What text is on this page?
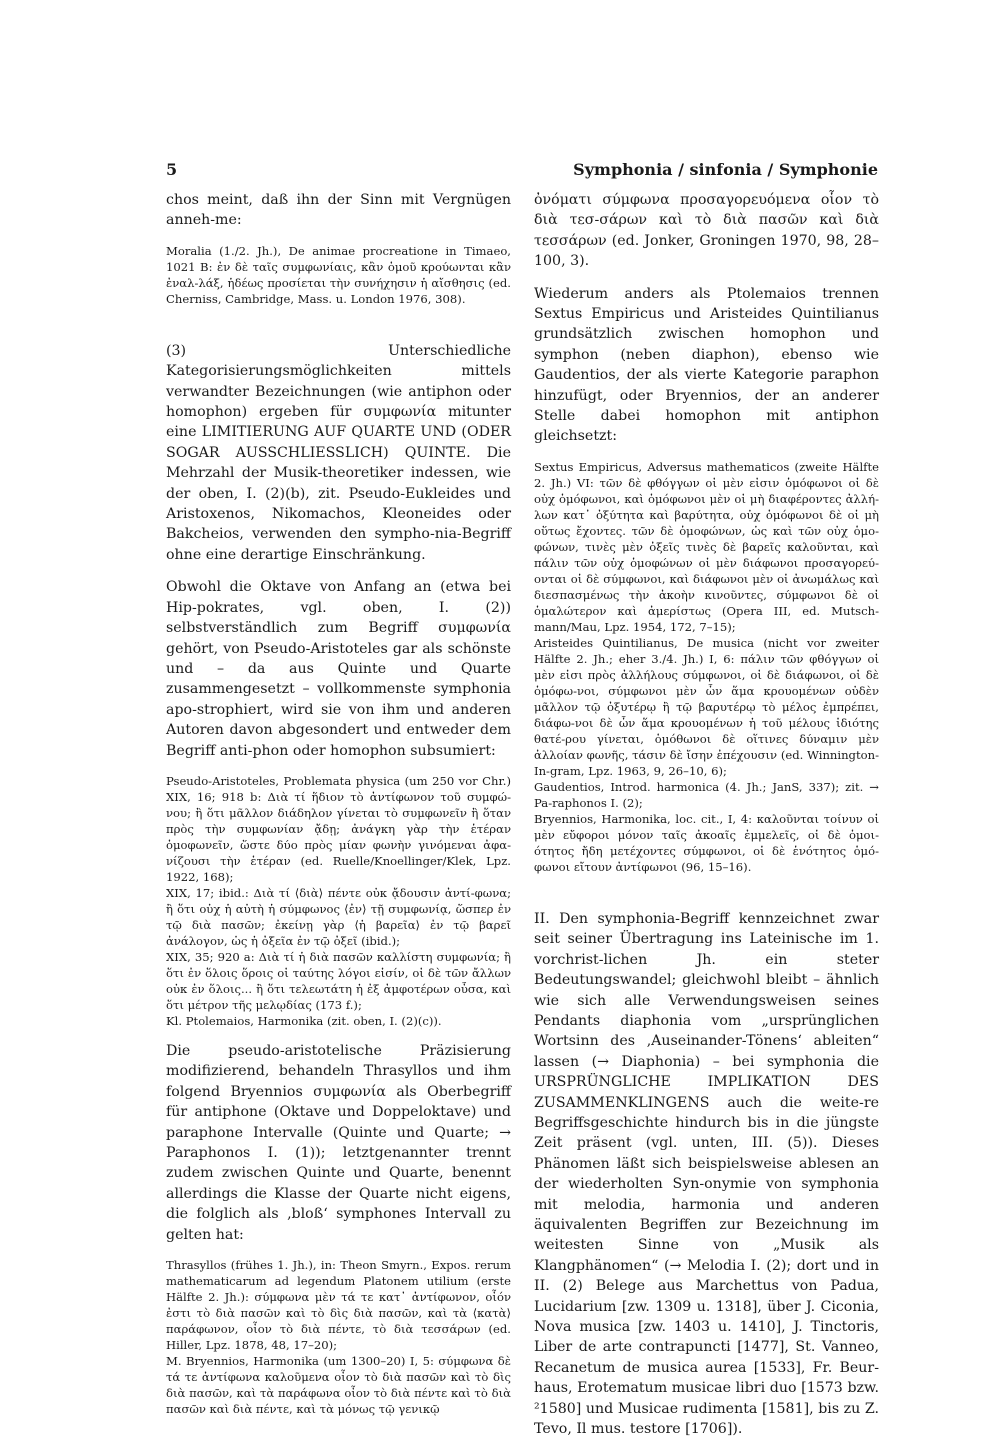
5	Symphonia / sinfonia / Symphonie

chos meint, daß ihn der Sinn mit Vergnügen anneh-me:

Moralia (1./2. Jh.), De animae procreatione in Timaeo, 1021 B: ἐν δὲ ταῖς συμφωνίαις, κἂν ὁμοῦ κρούωνται κἂν ἐναλ-λάξ, ἡδέως προσίεται τὴν συνήχησιν ἡ αἴσθησις (ed. Cherniss, Cambridge, Mass. u. London 1976, 308).

(3) Unterschiedliche Kategorisierungsmöglichkeiten mittels verwandter Bezeichnungen (wie antiphon oder homophon) ergeben für συμφωνία mitunter eine LIMITIERUNG AUF QUARTE UND (ODER SOGAR AUSSCHLIESSLICH) QUINTE. Die Mehrzahl der Musik-theoretiker indessen, wie der oben, I. (2)(b), zit. Pseudo-Eukleides und Aristoxenos, Nikomachos, Kleoneides oder Bakcheios, verwenden den sympho-nia-Begriff ohne eine derartige Einschränkung.

Obwohl die Oktave von Anfang an (etwa bei Hip-pokrates, vgl. oben, I. (2)) selbstverständlich zum Begriff συμφωνία gehört, von Pseudo-Aristoteles gar als schönste und – da aus Quinte und Quarte zusammengesetzt – vollkommenste symphonia apo-strophiert, wird sie von ihm und anderen Autoren davon abgesondert und entweder dem Begriff anti-phon oder homophon subsumiert:

Pseudo-Aristoteles, Problemata physica (um 250 vor Chr.) XIX, 16; 918 b: Διὰ τί ἥδιον τὸ ἀντίφωνον τοῦ συμφώ-νου; ἢ ὅτι μᾶλλον διάδηλον γίνεται τὸ συμφωνεῖν ἢ ὅταν πρὸς τὴν συμφωνίαν ᾄδῃ; ἀνάγκη γὰρ τὴν ἑτέραν ὁμοφωνεῖν, ὥστε δύο πρὸς μίαν φωνὴν γινόμεναι ἀφα-νίζουσι τὴν ἑτέραν (ed. Ruelle/Knoellinger/Klek, Lpz. 1922, 168);

XIX, 17; ibid.: Διὰ τί ⟨διὰ⟩ πέντε οὐκ ᾄδουσιν ἀντί-φωνα; ἢ ὅτι οὐχ ἡ αὐτὴ ἡ σύμφωνος ⟨ἐν⟩ τῇ συμφωνίᾳ, ὥσπερ ἐν τῷ διὰ πασῶν; ἐκείνῃ γὰρ ⟨ἡ βαρεῖα⟩ ἐν τῷ βαρεῖ ἀνάλογον, ὡς ἡ ὀξεῖα ἐν τῷ ὀξεῖ (ibid.);

XIX, 35; 920 a: Διὰ τί ἡ διὰ πασῶν καλλίστη συμφωνία; ἢ ὅτι ἐν ὅλοις ὅροις οἱ ταύτης λόγοι εἰσίν, οἱ δὲ τῶν ἄλλων οὐκ ἐν ὅλοις... ἢ ὅτι τελεωτάτη ἡ ἐξ ἀμφοτέρων οὖσα, καὶ ὅτι μέτρον τῆς μελῳδίας (173 f.);

Kl. Ptolemaios, Harmonika (zit. oben, I. (2)(c)).

Die pseudo-aristotelische Präzisierung modifizierend, behandeln Thrasyllos und ihm folgend Bryennios συμφωνία als Oberbegriff für antiphone (Oktave und Doppeloktave) und paraphone Intervalle (Quinte und Quarte; → Paraphonos I. (1)); letztgenannter trennt zudem zwischen Quinte und Quarte, benennt allerdings die Klasse der Quarte nicht eigens, die folglich als ‚bloß‘ symphones Intervall zu gelten hat:

Thrasyllos (frühes 1. Jh.), in: Theon Smyrn., Expos. rerum mathematicarum ad legendum Platonem utilium (erste Hälfte 2. Jh.): σύμφωνα μὲν τά τε κατ᾽ ἀντίφωνον, οἷόν ἐστι τὸ διὰ πασῶν καὶ τὸ δὶς διὰ πασῶν, καὶ τὰ ⟨κατὰ⟩ παράφωνον, οἷον τὸ διὰ πέντε, τὸ διὰ τεσσάρων (ed. Hiller, Lpz. 1878, 48, 17–20);

M. Bryennios, Harmonika (um 1300–20) I, 5: σύμφωνα δὲ τά τε ἀντίφωνα καλοῦμενα οἷον τὸ διὰ πασῶν καὶ τὸ δὶς διὰ πασῶν, καὶ τὰ παράφωνα οἷον τὸ διὰ πέντε καὶ τὸ διὰ πασῶν καὶ διὰ πέντε, καὶ τὰ μόνως τῷ γενικῷ

ὀνόματι σύμφωνα προσαγορευόμενα οἷον τὸ διὰ τεσ-σάρων καὶ τὸ διὰ πασῶν καὶ διὰ τεσσάρων (ed. Jonker, Groningen 1970, 98, 28–100, 3).

Wiederum anders als Ptolemaios trennen Sextus Empiricus und Aristeides Quintilianus grundsätzlich zwischen homophon und symphon (neben diaphon), ebenso wie Gaudentios, der als vierte Kategorie paraphon hinzufügt, oder Bryennios, der an anderer Stelle dabei homophon mit antiphon gleichsetzt:

Sextus Empiricus, Adversus mathematicos (zweite Hälfte 2. Jh.) VI: τῶν δὲ φθόγγων οἱ μὲν εἰσιν ὁμόφωνοι οἱ δὲ οὐχ ὁμόφωνοι, καὶ ὁμόφωνοι μὲν οἱ μὴ διαφέροντες ἀλλή-λων κατ᾽ ὀξύτητα καὶ βαρύτητα, οὐχ ὁμόφωνοι δὲ οἱ μὴ οὕτως ἔχοντες. τῶν δὲ ὁμοφώνων, ὡς καὶ τῶν οὐχ ὁμο-φώνων, τινὲς μὲν ὀξεῖς τινὲς δὲ βαρεῖς καλοῦνται, καὶ πάλιν τῶν οὐχ ὁμοφώνων οἱ μὲν διάφωνοι προσαγορεύ-ονται οἱ δὲ σύμφωνοι, καὶ διάφωνοι μὲν οἱ ἀνωμάλως καὶ διεσπασμένως τὴν ἀκοὴν κινοῦντες, σύμφωνοι δὲ οἱ ὁμαλώτερον καὶ ἀμερίστως (Opera III, ed. Mutsch-mann/Mau, Lpz. 1954, 172, 7–15);

Aristeides Quintilianus, De musica (nicht vor zweiter Hälfte 2. Jh.; eher 3./4. Jh.) I, 6: πάλιν τῶν φθόγγων οἱ μὲν εἰσι πρὸς ἀλλήλους σύμφωνοι, οἱ δὲ διάφωνοι, οἱ δὲ ὁμόφω-νοι, σύμφωνοι μὲν ὧν ἅμα κρουομένων οὐδὲν μᾶλλον τῷ ὀξυτέρῳ ἢ τῷ βαρυτέρῳ τὸ μέλος ἐμπρέπει, διάφω-νοι δὲ ὧν ἅμα κρουομένων ἡ τοῦ μέλους ἰδιότης θατέ-ρου γίνεται, ὁμόθωνοι δὲ οἵτινες δύναμιν μὲν ἀλλοίαν φωνῆς, τάσιν δὲ ἴσην ἐπέχουσιν (ed. Winnington-In-gram, Lpz. 1963, 9, 26–10, 6);

Gaudentios, Introd. harmonica (4. Jh.; JanS, 337); zit. → Pa-raphonos I. (2);

Bryennios, Harmonika, loc. cit., I, 4: καλοῦνται τοίνυν οἱ μὲν εὔφοροι μόνον ταῖς ἀκοαῖς ἐμμελεῖς, οἱ δὲ ὁμοι-ότητος ἤδη μετέχοντες σύμφωνοι, οἱ δὲ ἑνότητος ὁμό-φωνοι εἴτουν ἀντίφωνοι (96, 15–16).

II. Den symphonia-Begriff kennzeichnet zwar seit seiner Übertragung ins Lateinische im 1. vorchrist-lichen Jh. ein steter Bedeutungswandel; gleichwohl bleibt – ähnlich wie sich alle Verwendungsweisen seines Pendants diaphonia vom „ursprünglichen Wortsinn des ‚Auseinander-Tönens‘ ableiten“ lassen (→ Diaphonia) – bei symphonia die URSPRÜNGLICHE IMPLIKATION DES ZUSAMMENKLINGENS auch die weite-re Begriffsgeschichte hindurch bis in die jüngste Zeit präsent (vgl. unten, III. (5)). Dieses Phänomen läßt sich beispielsweise ablesen an der wiederholten Syn-onymie von symphonia mit melodia, harmonia und anderen äquivalenten Begriffen zur Bezeichnung im weitesten Sinne von „Musik als Klangphänomen“ (→ Melodia I. (2); dort und in II. (2) Belege aus Marchettus von Padua, Lucidarium [zw. 1309 u. 1318], über J. Ciconia, Nova musica [zw. 1403 u. 1410], J. Tinctoris, Liber de arte contrapuncti [1477], St. Vanneo, Recanetum de musica aurea [1533], Fr. Beur-haus, Erotematum musicae libri duo [1573 bzw. ²1580] und Musicae rudimenta [1581], bis zu Z. Tevo, Il mus. testore [1706]).
